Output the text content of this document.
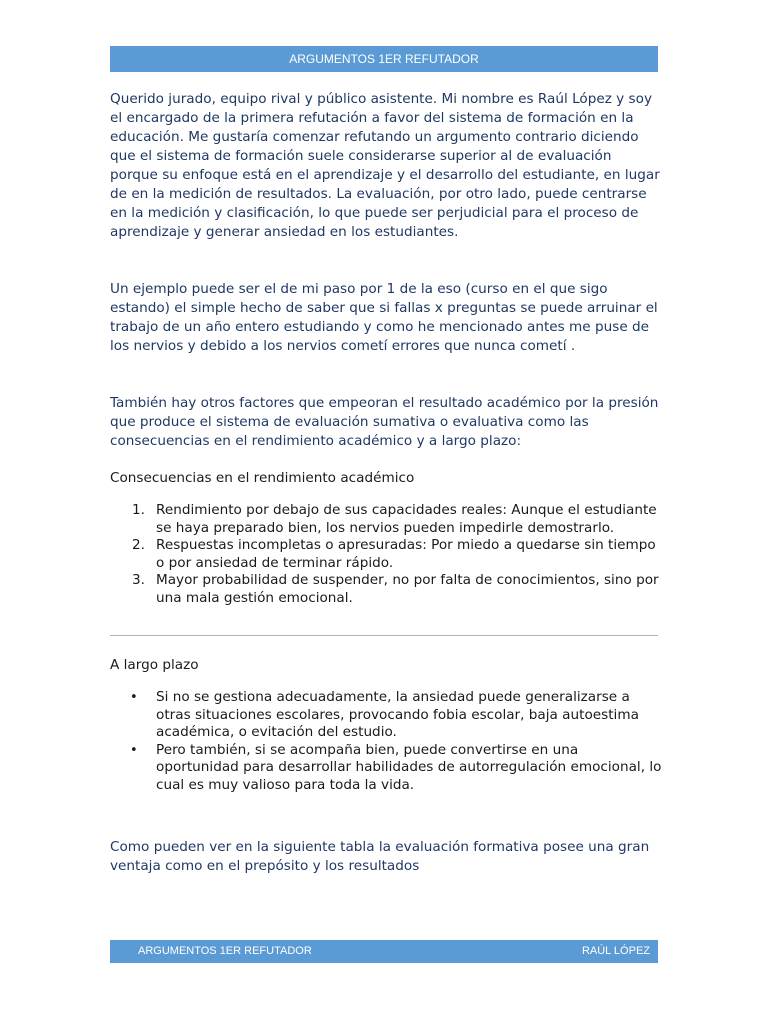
ARGUMENTOS 1ER REFUTADOR

Querido jurado, equipo rival y público asistente. Mi nombre es Raúl López y soy el encargado de la primera refutación a favor del sistema de formación en la educación. Me gustaría comenzar refutando un argumento contrario diciendo que el sistema de formación suele considerarse superior al de evaluación porque su enfoque está en el aprendizaje y el desarrollo del estudiante, en lugar de en la medición de resultados. La evaluación, por otro lado, puede centrarse en la medición y clasificación, lo que puede ser perjudicial para el proceso de aprendizaje y generar ansiedad en los estudiantes.

Un ejemplo puede ser el de mi paso por 1 de la eso (curso en el que sigo estando) el simple hecho de saber que si fallas x preguntas se puede arruinar el trabajo de un año entero estudiando y como he mencionado antes me puse de los nervios y debido a los nervios cometí errores que nunca cometí .

También hay otros factores que empeoran el resultado académico por la presión que produce el sistema de evaluación sumativa o evaluativa como las consecuencias en el rendimiento académico y a largo plazo:

Consecuencias en el rendimiento académico

1. Rendimiento por debajo de sus capacidades reales: Aunque el estudiante se haya preparado bien, los nervios pueden impedirle demostrarlo.
2. Respuestas incompletas o apresuradas: Por miedo a quedarse sin tiempo o por ansiedad de terminar rápido.
3. Mayor probabilidad de suspender, no por falta de conocimientos, sino por una mala gestión emocional.

A largo plazo

• Si no se gestiona adecuadamente, la ansiedad puede generalizarse a otras situaciones escolares, provocando fobia escolar, baja autoestima académica, o evitación del estudio.
• Pero también, si se acompaña bien, puede convertirse en una oportunidad para desarrollar habilidades de autorregulación emocional, lo cual es muy valioso para toda la vida.

Como pueden ver en la siguiente tabla la evaluación formativa posee una gran ventaja como en el prepósito y los resultados

ARGUMENTOS 1ER REFUTADOR	RAÚL LÓPEZ
